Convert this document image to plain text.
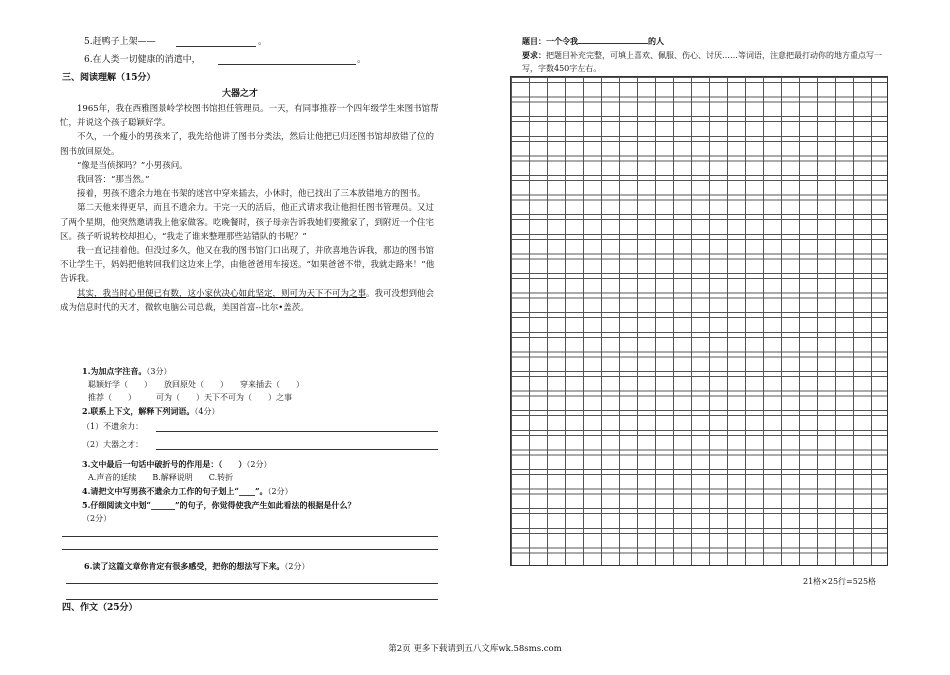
5.赶鸭子上架——	。
6.在人类一切健康的消遣中，	。
三、阅读理解（15分）
大器之才

1965年，我在西雅图景岭学校图书馆担任管理员。一天，有同事推荐一个四年级学生来图书馆帮忙，并说这个孩子聪颖好学。

不久，一个瘦小的男孩来了，我先给他讲了图书分类法，然后让他把已归还图书馆却放错了位的图书放回原处。

“像是当侦探吗？”小男孩问。

我回答：“那当然。”

接着，男孩不遗余力地在书架的迷宫中穿来插去，小休时，他已找出了三本放错地方的图书。

第二天他来得更早，而且不遗余力。干完一天的活后，他正式请求我让他担任图书管理员。又过了两个星期，他突然邀请我上他家做客。吃晚餐时，孩子母亲告诉我她们要搬家了，到附近一个住宅区。孩子听说转校却担心，“我走了谁来整理那些站错队的书呢？”

我一直记挂着他。但没过多久，他又在我的图书馆门口出现了，并欣喜地告诉我，那边的图书馆不让学生干，妈妈把他转回我们这边来上学，由他爸爸用车接送。“如果爸爸不带，我就走路来！”他告诉我。

其实，我当时心里便已有数，这小家伙决心如此坚定，则可为天下不可为之事。我可没想到他会成为信息时代的天才，微软电脑公司总裁，美国首富--比尔•盖茨。

1.为加点字注音。（3分）
聪颖好学（　　）　　放回原处（　　）　　穿来插去（　　）
推荐（　　）　　　可为（　　）天下不可为（　　）之事
2.联系上下文，解释下列词语。（4分）
（1）不遗余力：
（2）大器之才：
3.文中最后一句话中破折号的作用是：（　　）（2分）
A.声音的延续　　B.解释说明　　C.转折
4.请把文中写男孩不遗余力工作的句子划上“____”。（2分）
5.仔细阅读文中划“______”的句子，你觉得使我产生如此看法的根据是什么？
（2分）
6.读了这篇文章你肯定有很多感受，把你的想法写下来。（2分）
四、作文（25分）
题目：一个令我	的人
要求：把题目补充完整，可填上喜欢、佩服、伤心、讨厌……等词语，注意把最打动你的地方重点写一写，字数450字左右。
21格×25行=525格
第2页 更多下载请到五八文库wk.58sms.com
